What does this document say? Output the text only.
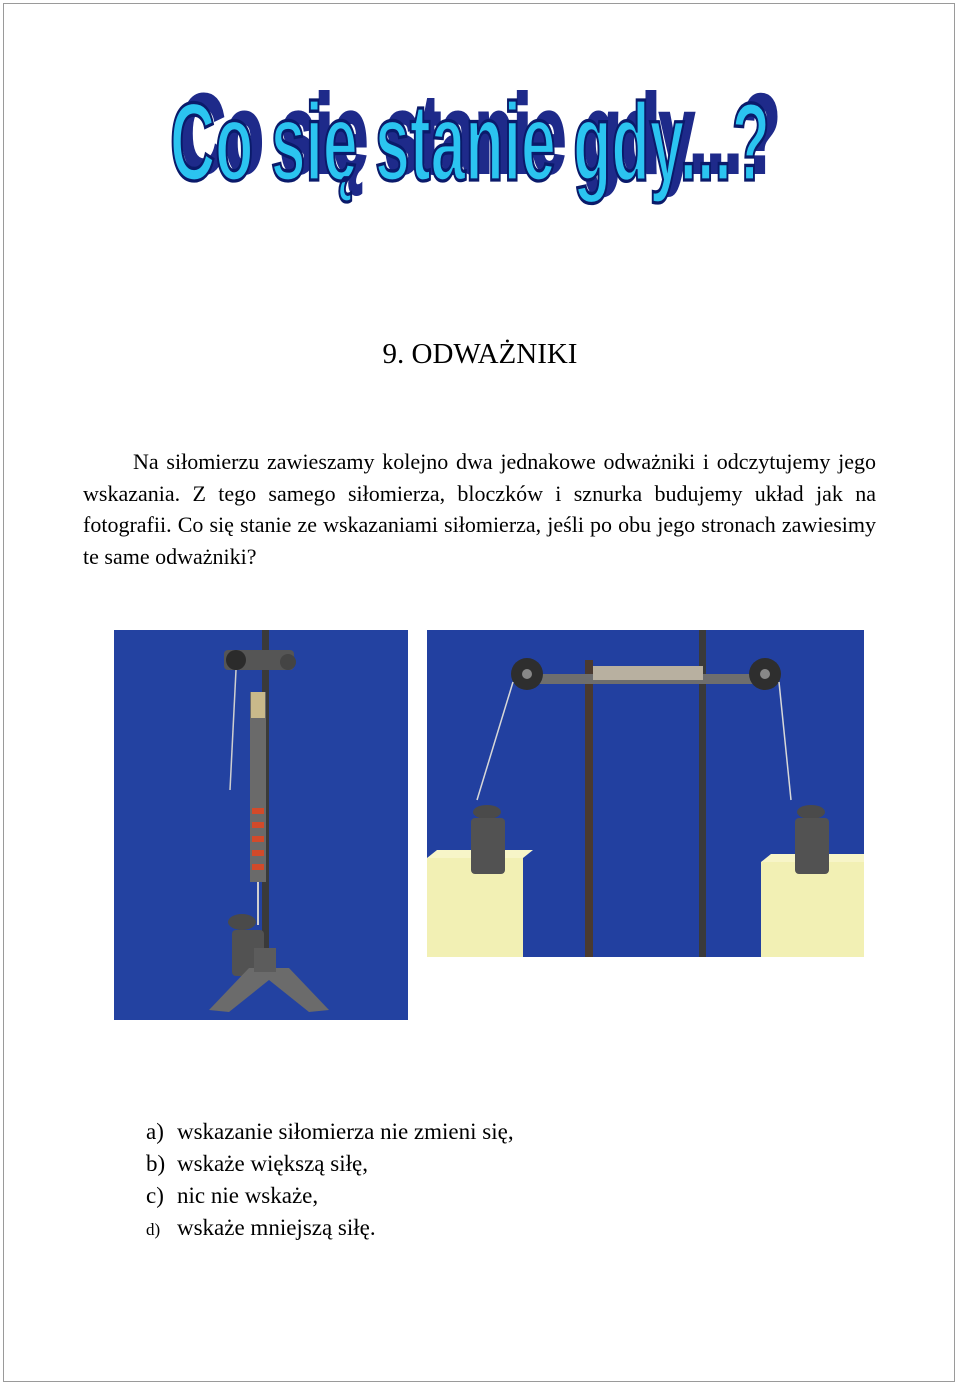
Co się stanie gdy...?
Co się stanie gdy...?
9. ODWAŻNIKI

Na siłomierzu zawieszamy kolejno dwa jednakowe odważniki i odczytujemy jego wskazania. Z tego samego siłomierza, bloczków i sznurka budujemy układ jak na fotografii. Co się stanie ze wskazaniami siłomierza, jeśli po obu jego stronach zawiesimy te same odważniki?

a) wskazanie siłomierza nie zmieni się,
b) wskaże większą siłę,
c) nic nie wskaże,
d) wskaże mniejszą siłę.
